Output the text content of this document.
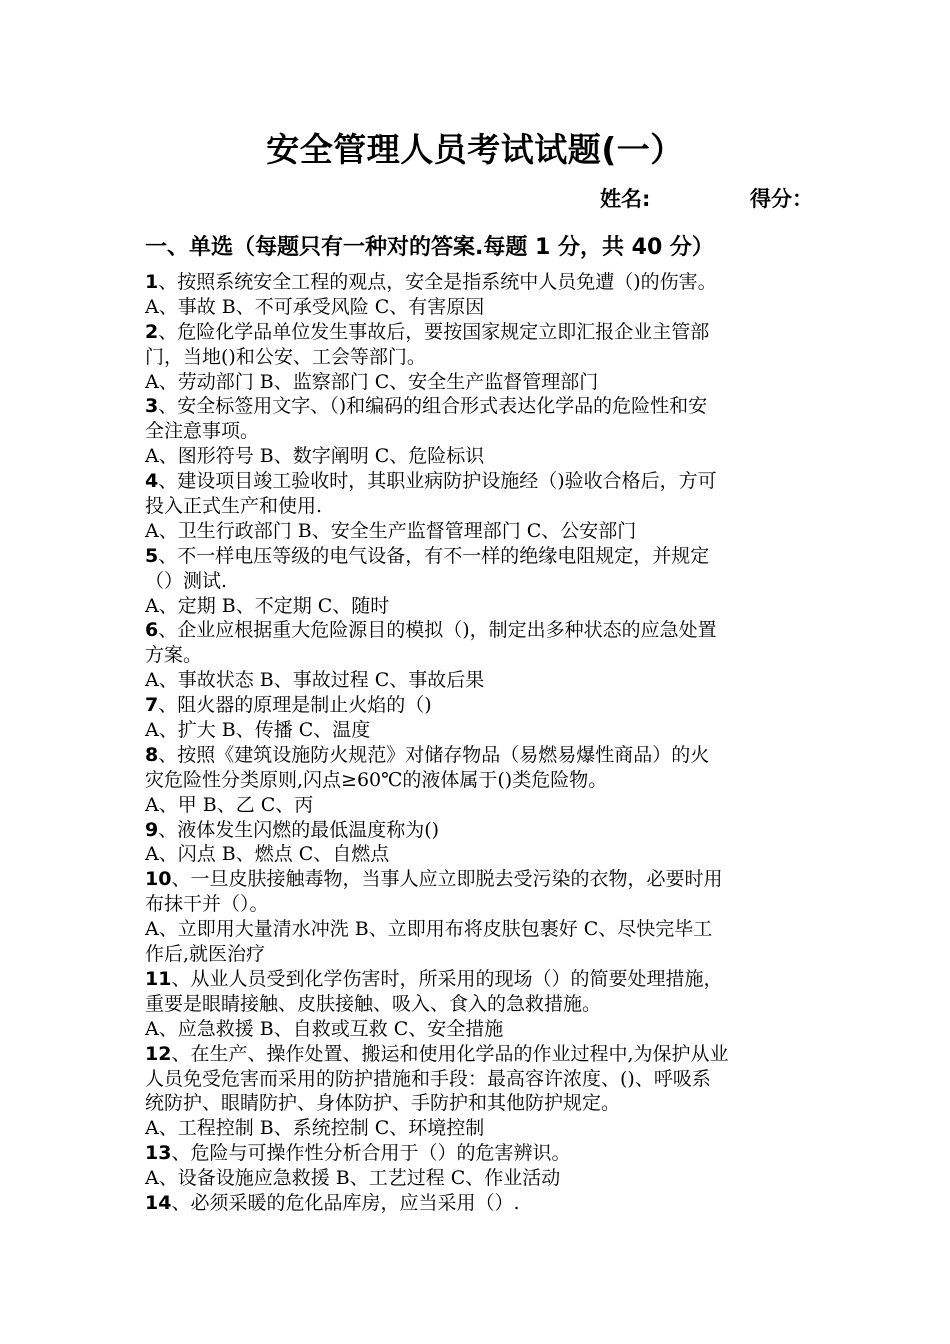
安全管理人员考试试题(一）
姓名:	得分：
一、单选（每题只有一种对的答案.每题 1 分，共 40 分）
1、按照系统安全工程的观点，安全是指系统中人员免遭（)的伤害。
A、事故 B、不可承受风险 C、有害原因
2、危险化学品单位发生事故后，要按国家规定立即汇报企业主管部
门，当地()和公安、工会等部门。
A、劳动部门 B、监察部门 C、安全生产监督管理部门
3、安全标签用文字、（)和编码的组合形式表达化学品的危险性和安
全注意事项。
A、图形符号 B、数字阐明 C、危险标识
4、建设项目竣工验收时，其职业病防护设施经（)验收合格后，方可
投入正式生产和使用.
A、卫生行政部门 B、安全生产监督管理部门 C、公安部门
5、不一样电压等级的电气设备，有不一样的绝缘电阻规定，并规定
（）测试.
A、定期 B、不定期 C、随时
6、企业应根据重大危险源目的模拟（)，制定出多种状态的应急处置
方案。
A、事故状态 B、事故过程 C、事故后果
7、阻火器的原理是制止火焰的（)
A、扩大 B、传播 C、温度
8、按照《建筑设施防火规范》对储存物品（易燃易爆性商品）的火
灾危险性分类原则,闪点≥60℃的液体属于()类危险物。
A、甲 B、乙 C、丙
9、液体发生闪燃的最低温度称为()
A、闪点 B、燃点 C、自燃点
10、一旦皮肤接触毒物，当事人应立即脱去受污染的衣物，必要时用
布抹干并（）。
A、立即用大量清水冲洗 B、立即用布将皮肤包裹好 C、尽快完毕工
作后,就医治疗
11、从业人员受到化学伤害时，所采用的现场（）的简要处理措施，
重要是眼睛接触、皮肤接触、吸入、食入的急救措施。
A、应急救援 B、自救或互救 C、安全措施
12、在生产、操作处置、搬运和使用化学品的作业过程中,为保护从业
人员免受危害而采用的防护措施和手段：最高容许浓度、()、呼吸系
统防护、眼睛防护、身体防护、手防护和其他防护规定。
A、工程控制 B、系统控制 C、环境控制
13、危险与可操作性分析合用于（）的危害辨识。
A、设备设施应急救援 B、工艺过程 C、作业活动
14、必须采暖的危化品库房，应当采用（）.
